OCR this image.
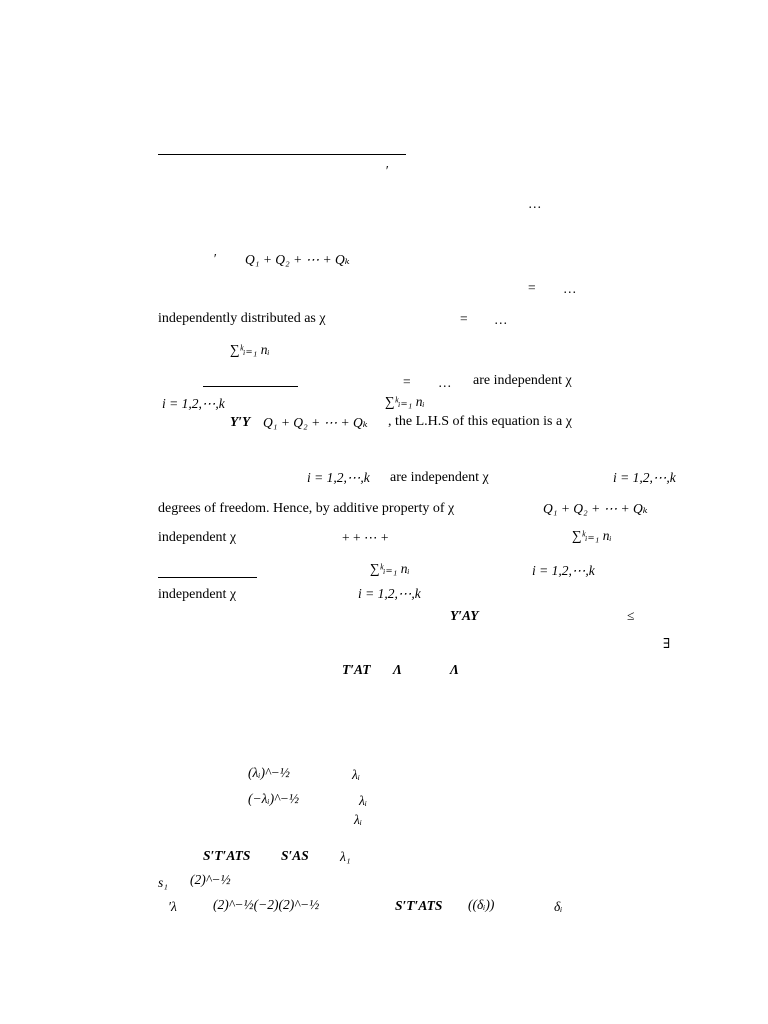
′
…
′ Q₁ + Q₂ + ⋯ + Qₖ
= …
independently distributed as χ	= …
∑ᵏᵢ₌₁ nᵢ
= … are independent χ
i = 1,2,⋯,k	∑ᵏᵢ₌₁ nᵢ
Y′Y Q₁ + Q₂ + ⋯ + Qₖ , the L.H.S of this equation is a χ
i = 1,2,⋯,k are independent χ	i = 1,2,⋯,k
degrees of freedom. Hence, by additive property of χ	Q₁ + Q₂ + ⋯ + Qₖ
independent χ	+ + ⋯ +	∑ᵏᵢ₌₁ nᵢ
∑ᵏᵢ₌₁ nᵢ	i = 1,2,⋯,k
independent χ	i = 1,2,⋯,k
Y′AY	≤
∃
T′AT Λ	Λ
(λᵢ)^−½	λᵢ
(−λᵢ)^−½	λᵢ
λᵢ
S′T′ATS S′AS λ₁
s₁ (2)^−½
′λ	(2)^−½(−2)(2)^−½	S′T′ATS ((δᵢ))	δᵢ
